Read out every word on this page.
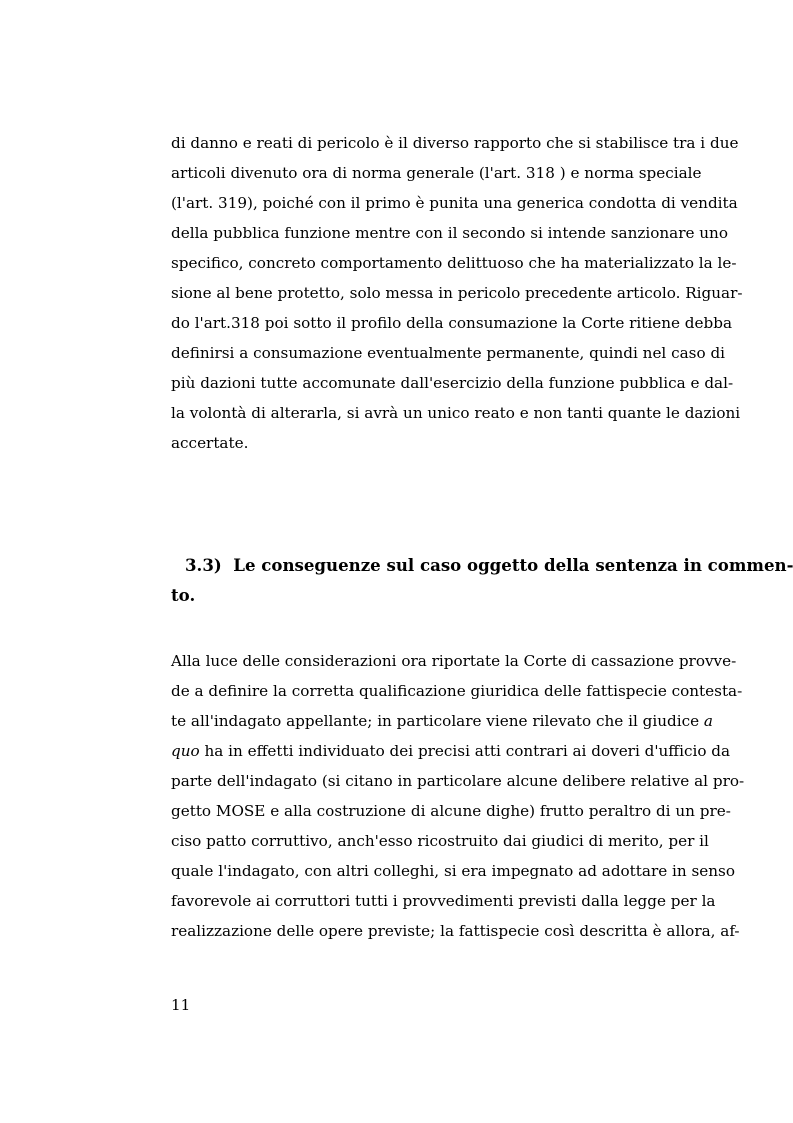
di danno e reati di pericolo è il diverso rapporto che si stabilisce tra i due
articoli divenuto ora di norma generale (l'art. 318 ) e norma speciale
(l'art. 319), poiché con il primo è punita una generica condotta di vendita
della pubblica funzione mentre con il secondo si intende sanzionare uno
specifico, concreto comportamento delittuoso che ha materializzato la le-
sione al bene protetto, solo messa in pericolo precedente articolo. Riguar-
do l'art.318 poi sotto il profilo della consumazione la Corte ritiene debba
definirsi a consumazione eventualmente permanente, quindi nel caso di
più dazioni tutte accomunate dall'esercizio della funzione pubblica e dal-
la volontà di alterarla, si avrà un unico reato e non tanti quante le dazioni
accertate.
3.3) Le conseguenze sul caso oggetto della sentenza in commen-
to.
Alla luce delle considerazioni ora riportate la Corte di cassazione provve-
de a definire la corretta qualificazione giuridica delle fattispecie contesta-
te all'indagato appellante; in particolare viene rilevato che il giudice a
quo ha in effetti individuato dei precisi atti contrari ai doveri d'ufficio da
parte dell'indagato (si citano in particolare alcune delibere relative al pro-
getto MOSE e alla costruzione di alcune dighe) frutto peraltro di un pre-
ciso patto corruttivo, anch'esso ricostruito dai giudici di merito, per il
quale l'indagato, con altri colleghi, si era impegnato ad adottare in senso
favorevole ai corruttori tutti i provvedimenti previsti dalla legge per la
realizzazione delle opere previste; la fattispecie così descritta è allora, af-
11
